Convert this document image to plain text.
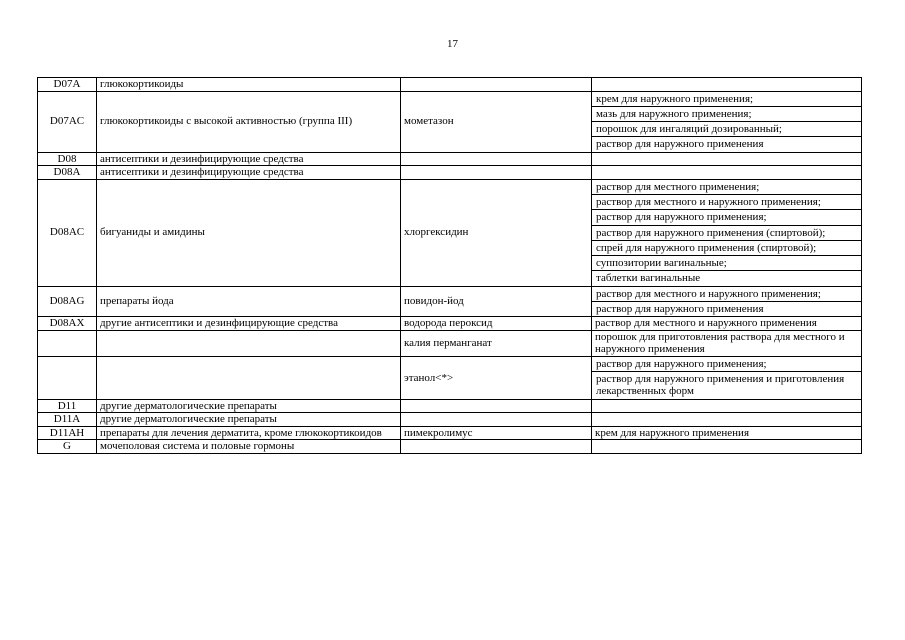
17
D07A	глюкокортикоиды		
D07AC	глюкокортикоиды с высокой активностью (группа III)	мометазон	крем для наружного применения;
			мазь для наружного применения;
			порошок для ингаляций дозированный;
			раствор для наружного применения
D08	антисептики и дезинфицирующие средства		
D08A	антисептики и дезинфицирующие средства		
D08AC	бигуаниды и амидины	хлоргексидин	раствор для местного применения;
			раствор для местного и наружного применения;
			раствор для наружного применения;
			раствор для наружного применения (спиртовой);
			спрей для наружного применения (спиртовой);
			суппозитории вагинальные;
			таблетки вагинальные
D08AG	препараты йода	повидон-йод	раствор для местного и наружного применения;
			раствор для наружного применения
D08AX	другие антисептики и дезинфицирующие средства	водорода пероксид	раствор для местного и наружного применения
		калия перманганат	порошок для приготовления раствора для местного и наружного применения
		этанол<*>	раствор для наружного применения;
			раствор для наружного применения и приготовления лекарственных форм
D11	другие дерматологические препараты		
D11A	другие дерматологические препараты		
D11AH	препараты для лечения дерматита, кроме глюкокортикоидов	пимекролимус	крем для наружного применения
G	мочеполовая система и половые гормоны		
